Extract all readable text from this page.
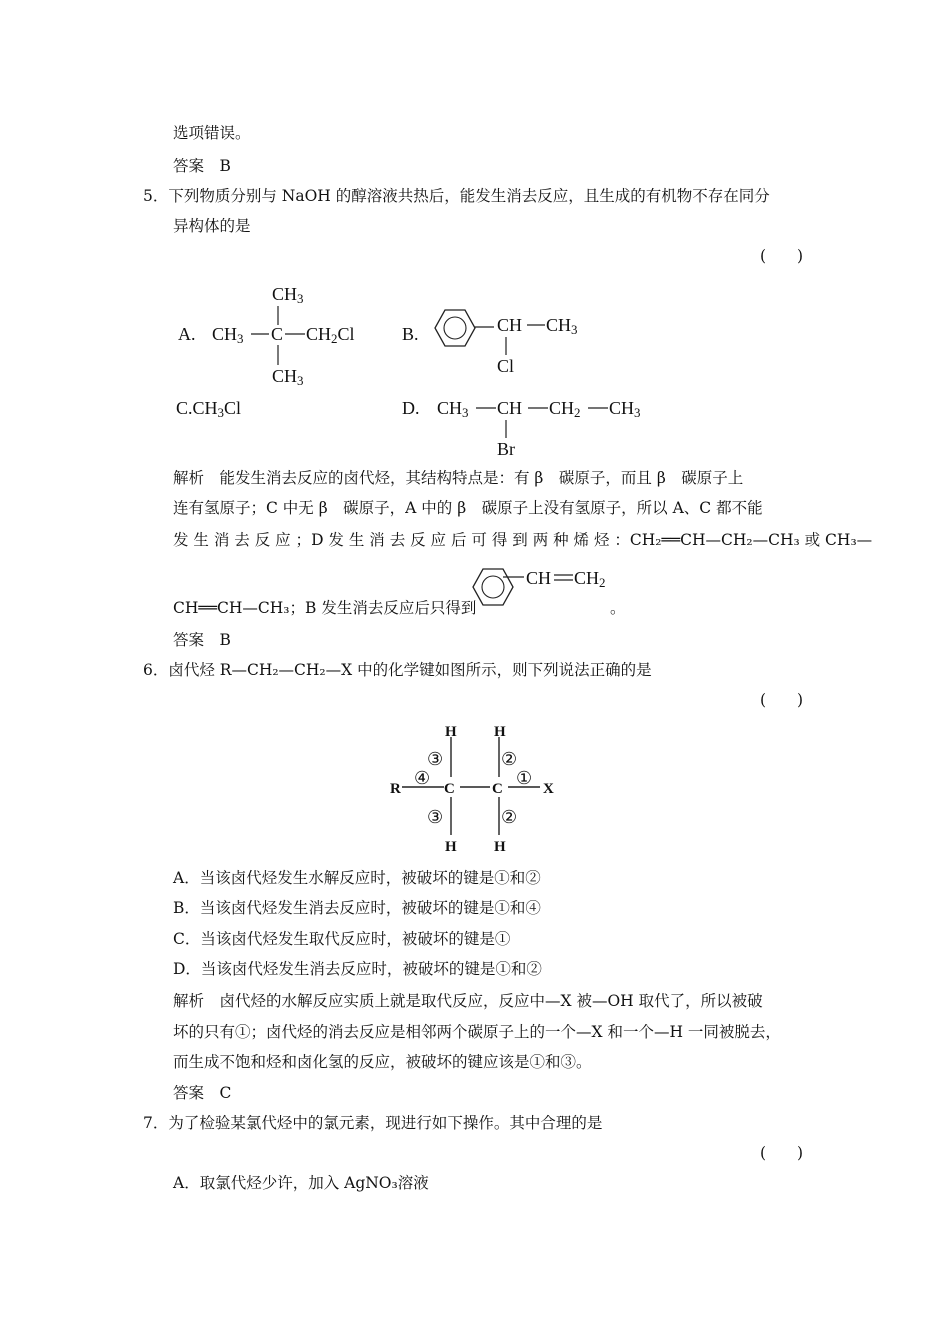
选项错误。
答案　B
5．下列物质分别与 NaOH 的醇溶液共热后，能发生消去反应，且生成的有机物不存在同分
异构体的是
(　　)
A.
$CH_3$
$CH_3$ C $CH_2Cl$
$CH_3$
B.	CH $CH_3$
Cl
$C.CH_3Cl$	D. $CH_3$ CH $CH_2$ $CH_3$
Br
解析　能发生消去反应的卤代烃，其结构特点是：有 β　碳原子，而且 β　碳原子上
连有氢原子；C 中无 β　碳原子，A 中的 β　碳原子上没有氢原子，所以 A、C 都不能
发 生 消 去 反 应 ；D 发 生 消 去 反 应 后 可 得 到 两 种 烯 烃 ：CH₂══CH—CH₂—CH₃ 或 CH₃—
CH══CH—CH₃；B 发生消去反应后只得到
CH $CH_2$
。
答案　B
6．卤代烃 R—CH₂—CH₂—X 中的化学键如图所示，则下列说法正确的是
(　　)
R	C C	X
H
H
H
H
④
③
③
②
②
①
A．当该卤代烃发生水解反应时，被破坏的键是①和②
B．当该卤代烃发生消去反应时，被破坏的键是①和④
C．当该卤代烃发生取代反应时，被破坏的键是①
D．当该卤代烃发生消去反应时，被破坏的键是①和②
解析　卤代烃的水解反应实质上就是取代反应，反应中—X 被—OH 取代了，所以被破
坏的只有①；卤代烃的消去反应是相邻两个碳原子上的一个—X 和一个—H 一同被脱去，
而生成不饱和烃和卤化氢的反应，被破坏的键应该是①和③。
答案　C
7．为了检验某氯代烃中的氯元素，现进行如下操作。其中合理的是
(　　)
A．取氯代烃少许，加入 AgNO₃溶液
